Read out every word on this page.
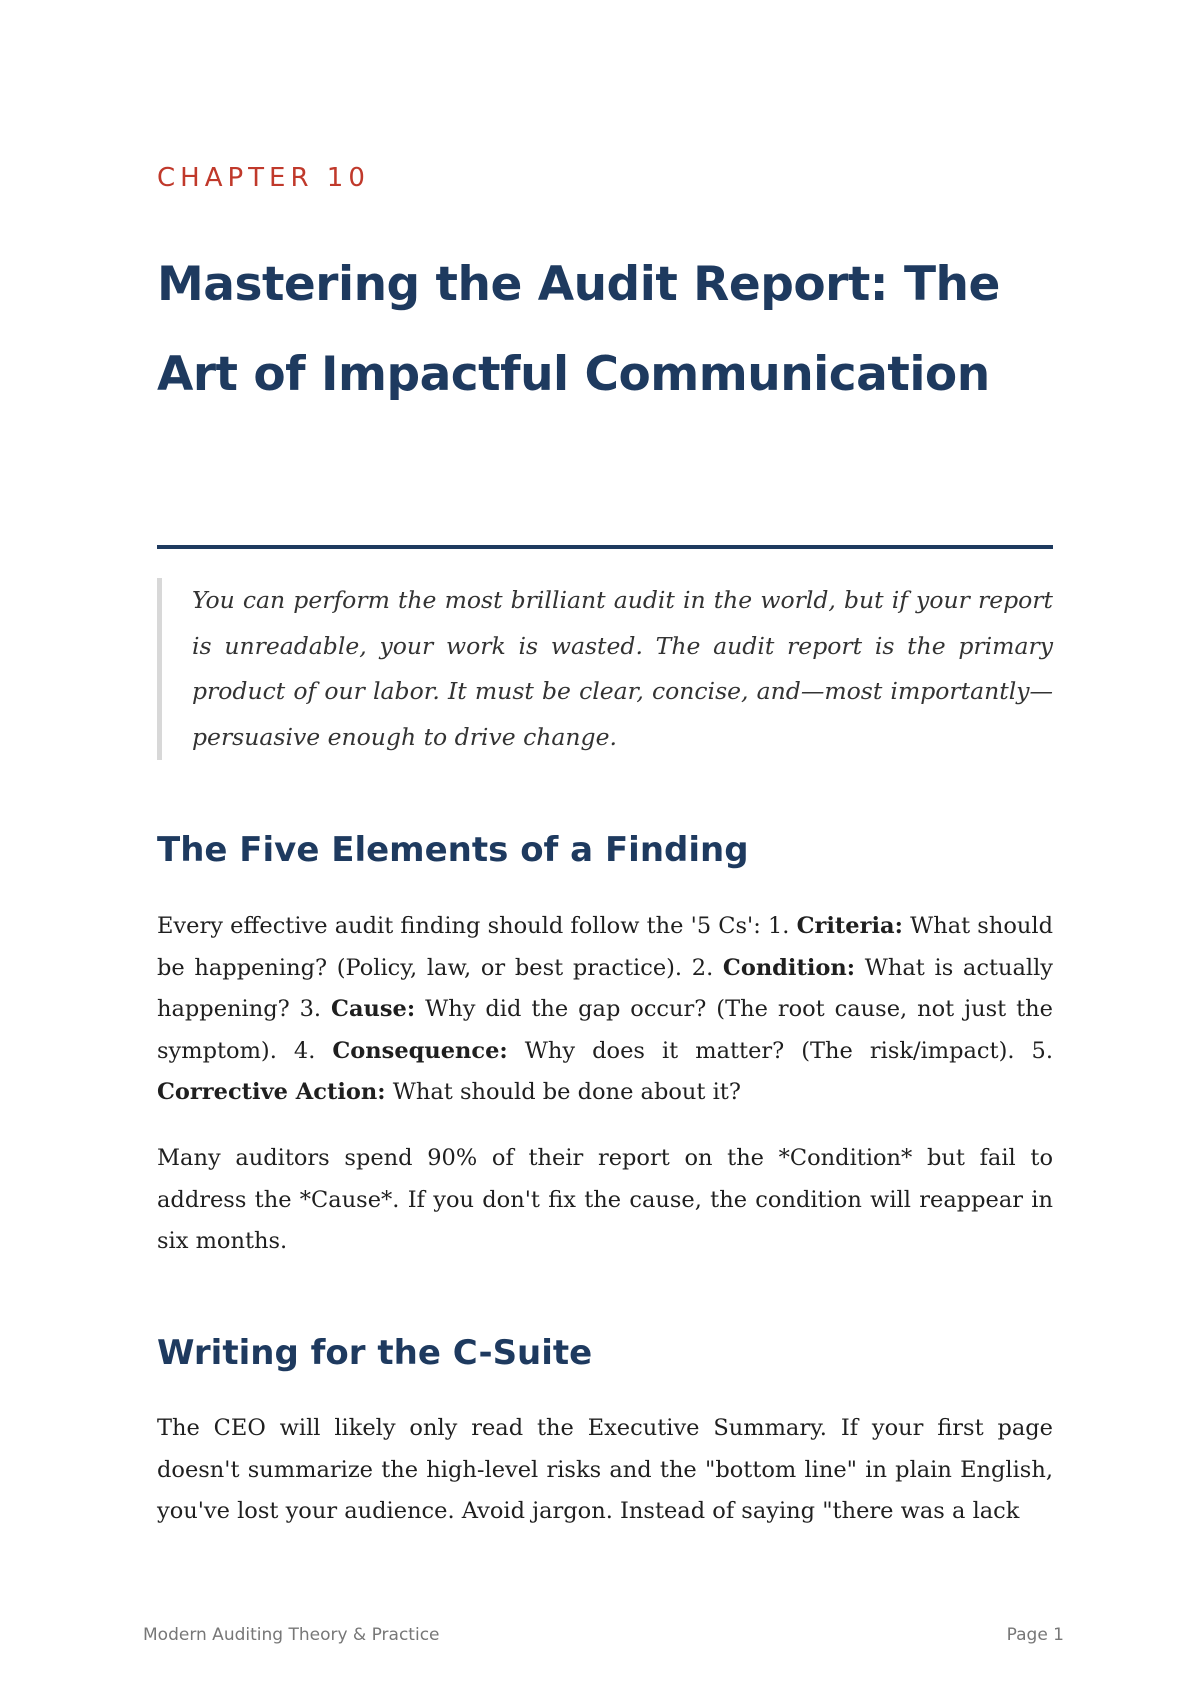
CHAPTER 10

Mastering the Audit Report: The Art of Impactful Communication
You can perform the most brilliant audit in the world, but if your report is unreadable, your work is wasted. The audit report is the primary product of our labor. It must be clear, concise, and—most importantly—persuasive enough to drive change.
The Five Elements of a Finding

Every effective audit finding should follow the '5 Cs': 1. Criteria: What should be happening? (Policy, law, or best practice). 2. Condition: What is actually happening? 3. Cause: Why did the gap occur? (The root cause, not just the symptom). 4. Consequence: Why does it matter? (The risk/impact). 5. Corrective Action: What should be done about it?

Many auditors spend 90% of their report on the *Condition* but fail to address the *Cause*. If you don't fix the cause, the condition will reappear in six months.

Writing for the C-Suite

The CEO will likely only read the Executive Summary. If your first page doesn't summarize the high-level risks and the "bottom line" in plain English, you've lost your audience. Avoid jargon. Instead of saying "there was a lack

Modern Auditing Theory & Practice	Page 1
